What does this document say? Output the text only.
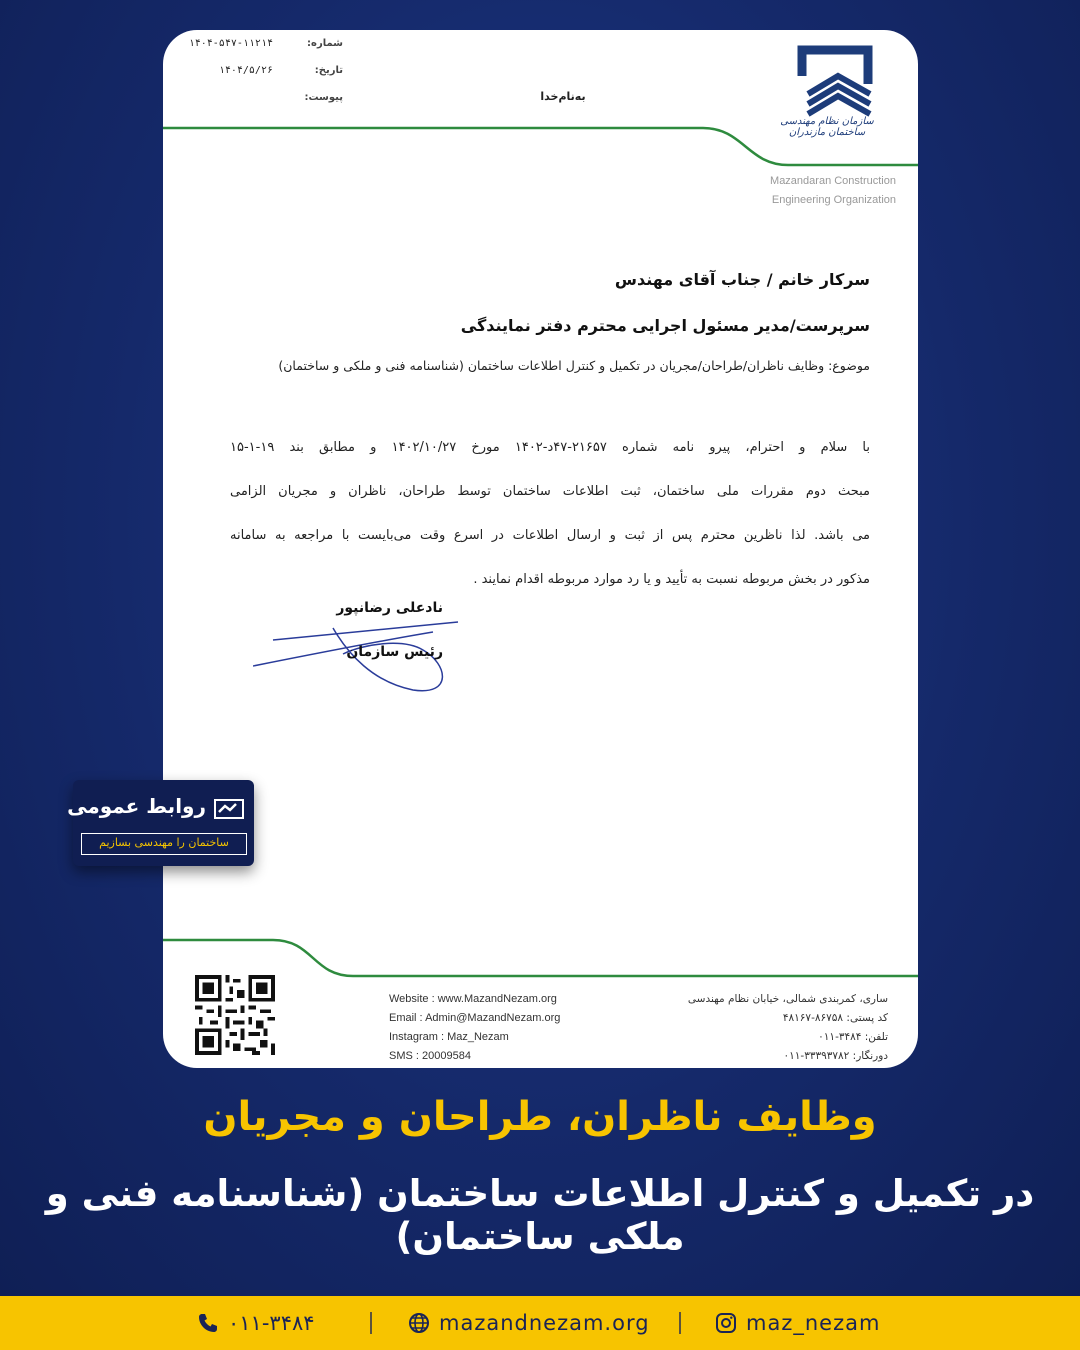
شماره:
۱۴۰۴-۵۴۷-۱۱۲۱۴
تاریخ:
۱۴۰۴/۵/۲۶
پیوست:	به‌نام‌خدا
سازمان نظام مهندسی ساختمان مازندران
Mazandaran Construction
Engineering Organization
سرکار خانم / جناب آقای مهندس
سرپرست/مدیر مسئول اجرایی محترم دفتر نمایندگی
موضوع: وظایف ناظران/طراحان/مجریان در تکمیل و کنترل اطلاعات ساختمان (شناسنامه فنی و ملکی و ساختمان)
با سلام و احترام، پیرو نامه شماره ۲۱۶۵۷-۴۷د-۱۴۰۲ مورخ ۱۴۰۲/۱۰/۲۷ و مطابق بند ۱۹-۱-۱۵
مبحث دوم مقررات ملی ساختمان، ثبت اطلاعات ساختمان توسط طراحان، ناظران و مجریان الزامی
می باشد. لذا ناظرین محترم پس از ثبت و ارسال اطلاعات در اسرع وقت می‌بایست با مراجعه به سامانه
مذکور در بخش مربوطه نسبت به تأیید و یا رد موارد مربوطه اقدام نمایند .
نادعلی رضانپور
رئیس سازمان
Website : www.MazandNezam.org
Email : Admin@MazandNezam.org
Instagram : Maz_Nezam
SMS : 20009584
ساری، کمربندی شمالی، خیابان نظام مهندسی
کد پستی: ۸۶۷۵۸-۴۸۱۶۷
تلفن: ۳۴۸۴-۰۱۱
دورنگار: ۳۳۳۹۳۷۸۲-۰۱۱
روابط عمومی
ساختمان را مهندسی بسازیم
وظایف ناظران، طراحان و مجریان
در تکمیل و کنترل اطلاعات ساختمان (شناسنامه فنی و ملکی ساختمان)
maz_nezam
mazandnezam.org
۰۱۱-۳۴۸۴
